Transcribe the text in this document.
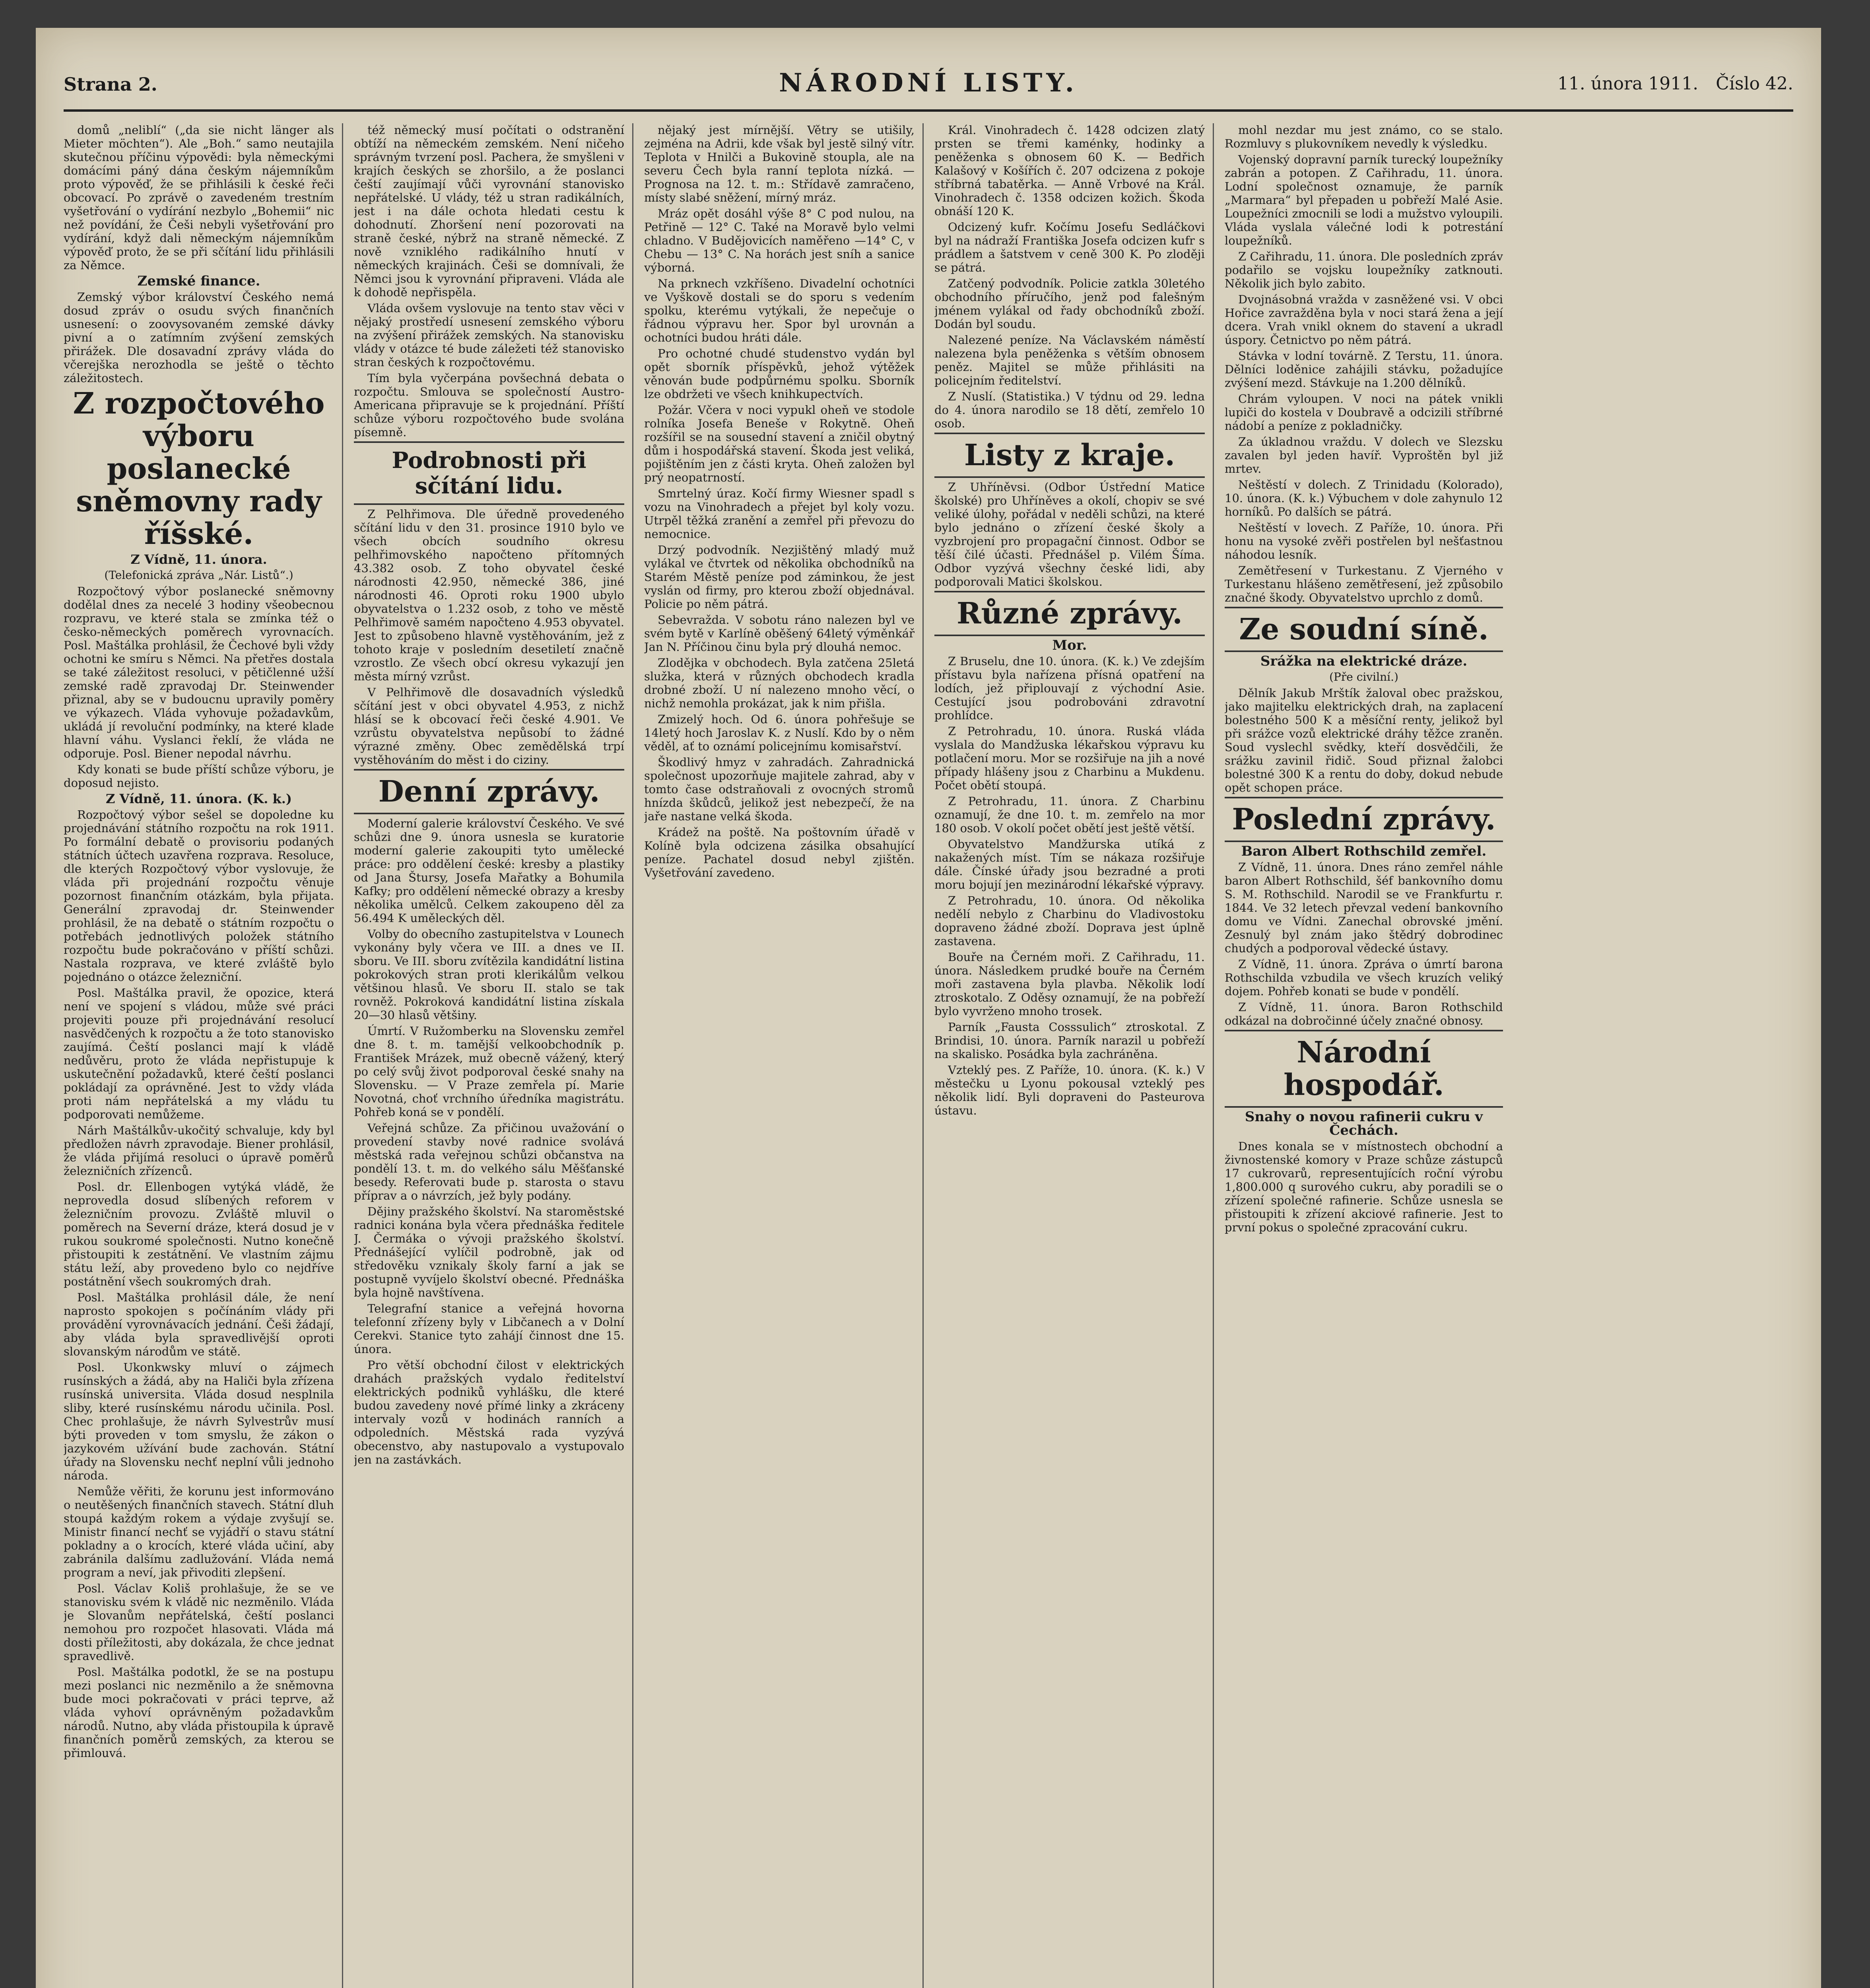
Strana 2.	NÁRODNÍ LISTY.	11. února 1911. Číslo 42.

domů „neliblí“ („da sie nicht länger als Mieter möchten“). Ale „Boh.“ samo neutajila skutečnou příčinu výpovědi: byla německými domácími páný dána českým nájemníkům proto výpověď, že se přihlásili k české řeči obcovací. Po zprávě o zavedeném trestním vyšetřování o vydírání nezbylo „Bohemii“ nic než povídání, že Češi nebyli vyšetřování pro vydírání, když dali německým nájemníkům výpověď proto, že se při sčítání lidu přihlásili za Němce.

Zemské finance.

Zemský výbor království Českého nemá dosud zpráv o osudu svých finančních usnesení: o zoovysovaném zemské dávky pivní a o zatímním zvýšení zemských přirážek. Dle dosavadní zprávy vláda do včerejška nerozhodla se ještě o těchto záležitostech.

Z rozpočtového výboru poslanecké sněmovny rady říšské.

Z Vídně, 11. února.

(Telefonická zpráva „Nár. Listů“.)

Rozpočtový výbor poslanecké sněmovny dodělal dnes za necelé 3 hodiny všeobecnou rozpravu, ve které stala se zmínka též o česko-německých poměrech vyrovnacích. Posl. Maštálka prohlásil, že Čechové byli vždy ochotni ke smíru s Němci. Na přetřes dostala se také záležitost resoluci, v pětičlenné užší zemské radě zpravodaj Dr. Steinwender přiznal, aby se v budoucnu upravily poměry ve výkazech. Vláda vyhovuje požadavkům, ukládá jí revoluční podmínky, na které klade hlavní váhu. Vyslanci řeklí, že vláda ne odporuje. Posl. Biener nepodal návrhu.

Kdy konati se bude příští schůze výboru, je doposud nejisto.

Z Vídně, 11. února. (K. k.)

Rozpočtový výbor sešel se dopoledne ku projednávání státního rozpočtu na rok 1911. Po formální debatě o provisoriu podaných státních účtech uzavřena rozprava. Resoluce, dle kterých Rozpočtový výbor vyslovuje, že vláda při projednání rozpočtu věnuje pozornost finančním otázkám, byla přijata. Generální zpravodaj dr. Steinwender prohlásil, že na debatě o státním rozpočtu o potřebách jednotlivých položek státního rozpočtu bude pokračováno v příští schůzi. Nastala rozprava, ve které zvláště bylo pojednáno o otázce železniční.

Posl. Maštálka pravil, že opozice, která není ve spojení s vládou, může své práci projeviti pouze při projednávání resolucí nasvědčených k rozpočtu a že toto stanovisko zaujímá. Čeští poslanci mají k vládě nedůvěru, proto že vláda nepřistupuje k uskutečnění požadavků, které čeští poslanci pokládají za oprávněné. Jest to vždy vláda proti nám nepřátelská a my vládu tu podporovati nemůžeme.

Nárh Maštálkův-ukočitý schvaluje, kdy byl předložen návrh zpravodaje. Biener prohlásil, že vláda přijímá resoluci o úpravě poměrů železničních zřízenců.

Posl. dr. Ellenbogen vytýká vládě, že neprovedla dosud slíbených reforem v železničním provozu. Zvláště mluvil o poměrech na Severní dráze, která dosud je v rukou soukromé společnosti. Nutno konečně přistoupiti k zestátnění. Ve vlastním zájmu státu leží, aby provedeno bylo co nejdříve postátnění všech soukromých drah.

Posl. Maštálka prohlásil dále, že není naprosto spokojen s počínáním vlády při provádění vyrovnávacích jednání. Češi žádají, aby vláda byla spravedlivější oproti slovanským národům ve státě.

Posl. Ukonkwsky mluví o zájmech rusínských a žádá, aby na Haliči byla zřízena rusínská universita. Vláda dosud nesplnila sliby, které rusínskému národu učinila. Posl. Chec prohlašuje, že návrh Sylvestrův musí býti proveden v tom smyslu, že zákon o jazykovém užívání bude zachován. Státní úřady na Slovensku nechť neplní vůli jednoho národa.

Nemůže věřiti, že korunu jest informováno o neutěšených finančních stavech. Státní dluh stoupá každým rokem a výdaje zvyšují se. Ministr financí nechť se vyjádří o stavu státní pokladny a o krocích, které vláda učiní, aby zabránila dalšímu zadlužování. Vláda nemá program a neví, jak přivoditi zlepšení.

Posl. Václav Koliš prohlašuje, že se ve stanovisku svém k vládě nic nezměnilo. Vláda je Slovanům nepřátelská, čeští poslanci nemohou pro rozpočet hlasovati. Vláda má dosti příležitosti, aby dokázala, že chce jednat spravedlivě.

Posl. Maštálka podotkl, že se na postupu mezi poslanci nic nezměnilo a že sněmovna bude moci pokračovati v práci teprve, až vláda vyhoví oprávněným požadavkům národů. Nutno, aby vláda přistoupila k úpravě finančních poměrů zemských, za kterou se přimlouvá.

též německý musí počítati o odstranění obtíží na německém zemském. Není ničeho správným tvrzení posl. Pachera, že smyšleni v krajích českých se zhoršilo, a že poslanci čeští zaujímají vůči vyrovnání stanovisko nepřátelské. U vlády, též u stran radikálních, jest i na dále ochota hledati cestu k dohodnutí. Zhoršení není pozorovati na straně české, nýbrž na straně německé. Z nově vzniklého radikálního hnutí v německých krajinách. Češi se domnívali, že Němci jsou k vyrovnání připraveni. Vláda ale k dohodě nepřispěla.

Vláda ovšem vyslovuje na tento stav věci v nějaký prostředí usnesení zemského výboru na zvýšení přirážek zemských. Na stanovisku vlády v otázce té bude záležeti též stanovisko stran českých k rozpočtovému.

Tím byla vyčerpána povšechná debata o rozpočtu. Smlouva se společností Austro-Americana připravuje se k projednání. Příští schůze výboru rozpočtového bude svolána písemně.

Podrobnosti při sčítání lidu.

Z Pelhřimova. Dle úředně provedeného sčítání lidu v den 31. prosince 1910 bylo ve všech obcích soudního okresu pelhřimovského napočteno přítomných 43.382 osob. Z toho obyvatel české národnosti 42.950, německé 386, jiné národnosti 46. Oproti roku 1900 ubylo obyvatelstva o 1.232 osob, z toho ve městě Pelhřimově samém napočteno 4.953 obyvatel. Jest to způsobeno hlavně vystěhováním, jež z tohoto kraje v posledním desetiletí značně vzrostlo. Ze všech obcí okresu vykazují jen města mírný vzrůst.

V Pelhřimově dle dosavadních výsledků sčítání jest v obci obyvatel 4.953, z nichž hlásí se k obcovací řeči české 4.901. Ve vzrůstu obyvatelstva nepůsobí to žádné výrazné změny. Obec zemědělská trpí vystěhováním do měst i do ciziny.

Denní zprávy.

Moderní galerie království Českého. Ve své schůzi dne 9. února usnesla se kuratorie moderní galerie zakoupiti tyto umělecké práce: pro oddělení české: kresby a plastiky od Jana Štursy, Josefa Mařatky a Bohumila Kafky; pro oddělení německé obrazy a kresby několika umělců. Celkem zakoupeno děl za 56.494 K uměleckých děl.

Volby do obecního zastupitelstva v Lounech vykonány byly včera ve III. a dnes ve II. sboru. Ve III. sboru zvítězila kandidátní listina pokrokových stran proti klerikálům velkou většinou hlasů. Ve sboru II. stalo se tak rovněž. Pokroková kandidátní listina získala 20—30 hlasů většiny.

Úmrtí. V Ružomberku na Slovensku zemřel dne 8. t. m. tamější velkoobchodník p. František Mrázek, muž obecně vážený, který po celý svůj život podporoval české snahy na Slovensku. — V Praze zemřela pí. Marie Novotná, choť vrchního úředníka magistrátu. Pohřeb koná se v pondělí.

Veřejná schůze. Za přičinou uvažování o provedení stavby nové radnice svolává městská rada veřejnou schůzi občanstva na pondělí 13. t. m. do velkého sálu Měšťanské besedy. Referovati bude p. starosta o stavu příprav a o návrzích, jež byly podány.

Dějiny pražského školství. Na staroměstské radnici konána byla včera přednáška ředitele J. Čermáka o vývoji pražského školství. Přednášející vylíčil podrobně, jak od středověku vznikaly školy farní a jak se postupně vyvíjelo školství obecné. Přednáška byla hojně navštívena.

Telegrafní stanice a veřejná hovorna telefonní zřízeny byly v Libčanech a v Dolní Cerekvi. Stanice tyto zahájí činnost dne 15. února.

Pro větší obchodní čilost v elektrických drahách pražských vydalo ředitelství elektrických podniků vyhlášku, dle které budou zavedeny nové přímé linky a zkráceny intervaly vozů v hodinách ranních a odpoledních. Městská rada vyzývá obecenstvo, aby nastupovalo a vystupovalo jen na zastávkách.

nějaký jest mírnější. Větry se utišily, zejména na Adrii, kde však byl jestě silný vítr. Teplota v Hnilči a Bukovině stoupla, ale na severu Čech byla ranní teplota nízká. — Prognosa na 12. t. m.: Střídavě zamračeno, místy slabé sněžení, mírný mráz.

Mráz opět dosáhl výše 8° C pod nulou, na Petřině — 12° C. Také na Moravě bylo velmi chladno. V Budějovicích naměřeno —14° C, v Chebu — 13° C. Na horách jest sníh a sanice výborná.

Na prknech vzkříšeno. Divadelní ochotníci ve Vyškově dostali se do sporu s vedením spolku, kterému vytýkali, že nepečuje o řádnou výpravu her. Spor byl urovnán a ochotníci budou hráti dále.

Pro ochotné chudé studenstvo vydán byl opět sborník příspěvků, jehož výtěžek věnován bude podpůrnému spolku. Sborník lze obdržeti ve všech knihkupectvích.

Požár. Včera v noci vypukl oheň ve stodole rolníka Josefa Beneše v Rokytně. Oheň rozšířil se na sousední stavení a zničil obytný dům i hospodářská stavení. Škoda jest veliká, pojištěním jen z části kryta. Oheň založen byl prý neopatrností.

Smrtelný úraz. Kočí firmy Wiesner spadl s vozu na Vinohradech a přejet byl koly vozu. Utrpěl těžká zranění a zemřel při převozu do nemocnice.

Drzý podvodník. Nezjištěný mladý muž vylákal ve čtvrtek od několika obchodníků na Starém Městě peníze pod záminkou, že jest vyslán od firmy, pro kterou zboží objednával. Policie po něm pátrá.

Sebevražda. V sobotu ráno nalezen byl ve svém bytě v Karlíně oběšený 64letý výměnkář Jan N. Příčinou činu byla prý dlouhá nemoc.

Zlodějka v obchodech. Byla zatčena 25letá služka, která v různých obchodech kradla drobné zboží. U ní nalezeno mnoho věcí, o nichž nemohla prokázat, jak k nim přišla.

Zmizelý hoch. Od 6. února pohřešuje se 14letý hoch Jaroslav K. z Nuslí. Kdo by o něm věděl, ať to oznámí policejnímu komisařství.

Škodlivý hmyz v zahradách. Zahradnická společnost upozorňuje majitele zahrad, aby v tomto čase odstraňovali z ovocných stromů hnízda škůdců, jelikož jest nebezpečí, že na jaře nastane velká škoda.

Krádež na poště. Na poštovním úřadě v Kolíně byla odcizena zásilka obsahující peníze. Pachatel dosud nebyl zjištěn. Vyšetřování zavedeno.

Král. Vinohradech č. 1428 odcizen zlatý prsten se třemi kaménky, hodinky a peněženka s obnosem 60 K. — Bedřich Kalašový v Košířích č. 207 odcizena z pokoje stříbrná tabatěrka. — Anně Vrbové na Král. Vinohradech č. 1358 odcizen kožich. Škoda obnáší 120 K.

Odcizený kufr. Kočímu Josefu Sedláčkovi byl na nádraží Františka Josefa odcizen kufr s prádlem a šatstvem v ceně 300 K. Po zloději se pátrá.

Zatčený podvodník. Policie zatkla 30letého obchodního příručího, jenž pod falešným jménem vylákal od řady obchodníků zboží. Dodán byl soudu.

Nalezené peníze. Na Václavském náměstí nalezena byla peněženka s větším obnosem peněz. Majitel se může přihlásiti na policejním ředitelství.

Z Nuslí. (Statistika.) V týdnu od 29. ledna do 4. února narodilo se 18 dětí, zemřelo 10 osob.

Listy z kraje.

Z Uhříněvsi. (Odbor Ústřední Matice školské) pro Uhříněves a okolí, chopiv se své veliké úlohy, pořádal v neděli schůzi, na které bylo jednáno o zřízení české školy a vyzbrojení pro propagační činnost. Odbor se těší čilé účasti. Přednášel p. Vilém Šíma. Odbor vyzývá všechny české lidi, aby podporovali Matici školskou.

Různé zprávy.

Mor.

Z Bruselu, dne 10. února. (K. k.) Ve zdejším přístavu byla nařízena přísná opatření na lodích, jež připlouvají z východní Asie. Cestující jsou podrobováni zdravotní prohlídce.

Z Petrohradu, 10. února. Ruská vláda vyslala do Mandžuska lékařskou výpravu ku potlačení moru. Mor se rozšiřuje na jih a nové případy hlášeny jsou z Charbinu a Mukdenu. Počet obětí stoupá.

Z Petrohradu, 11. února. Z Charbinu oznamují, že dne 10. t. m. zemřelo na mor 180 osob. V okolí počet obětí jest ještě větší.

Obyvatelstvo Mandžurska utíká z nakažených míst. Tím se nákaza rozšiřuje dále. Čínské úřady jsou bezradné a proti moru bojují jen mezinárodní lékařské výpravy.

Z Petrohradu, 10. února. Od několika nedělí nebylo z Charbinu do Vladivostoku dopraveno žádné zboží. Doprava jest úplně zastavena.

Bouře na Černém moři. Z Cařihradu, 11. února. Následkem prudké bouře na Černém moři zastavena byla plavba. Několik lodí ztroskotalo. Z Oděsy oznamují, že na pobřeží bylo vyvrženo mnoho trosek.

Parník „Fausta Cosssulich“ ztroskotal. Z Brindisi, 10. února. Parník narazil u pobřeží na skalisko. Posádka byla zachráněna.

Vzteklý pes. Z Paříže, 10. února. (K. k.) V městečku u Lyonu pokousal vzteklý pes několik lidí. Byli dopraveni do Pasteurova ústavu.

mohl nezdar mu jest známo, co se stalo. Rozmluvy s plukovníkem nevedly k výsledku.

Vojenský dopravní parník turecký loupežníky zabrán a potopen. Z Cařihradu, 11. února. Lodní společnost oznamuje, že parník „Marmara“ byl přepaden u pobřeží Malé Asie. Loupežníci zmocnili se lodi a mužstvo vyloupili. Vláda vyslala válečné lodi k potrestání loupežníků.

Z Cařihradu, 11. února. Dle posledních zpráv podařilo se vojsku loupežníky zatknouti. Několik jich bylo zabito.

Dvojnásobná vražda v zasněžené vsi. V obci Hořice zavražděna byla v noci stará žena a její dcera. Vrah vnikl oknem do stavení a ukradl úspory. Četnictvo po něm pátrá.

Stávka v lodní továrně. Z Terstu, 11. února. Dělníci loděnice zahájili stávku, požadujíce zvýšení mezd. Stávkuje na 1.200 dělníků.

Chrám vyloupen. V noci na pátek vnikli lupiči do kostela v Doubravě a odcizili stříbrné nádobí a peníze z pokladničky.

Za úkladnou vraždu. V dolech ve Slezsku zavalen byl jeden havíř. Vyproštěn byl již mrtev.

Neštěstí v dolech. Z Trinidadu (Kolorado), 10. února. (K. k.) Výbuchem v dole zahynulo 12 horníků. Po dalších se pátrá.

Neštěstí v lovech. Z Paříže, 10. února. Při honu na vysoké zvěři postřelen byl nešťastnou náhodou lesník.

Zemětřesení v Turkestanu. Z Vjerného v Turkestanu hlášeno zemětřesení, jež způsobilo značné škody. Obyvatelstvo uprchlo z domů.

Ze soudní síně.

Srážka na elektrické dráze.

(Pře civilní.)

Dělník Jakub Mrštík žaloval obec pražskou, jako majitelku elektrických drah, na zaplacení bolestného 500 K a měsíční renty, jelikož byl při srážce vozů elektrické dráhy těžce zraněn. Soud vyslechl svědky, kteří dosvědčili, že srážku zavinil řidič. Soud přiznal žalobci bolestné 300 K a rentu do doby, dokud nebude opět schopen práce.

Poslední zprávy.

Baron Albert Rothschild zemřel.

Z Vídně, 11. února. Dnes ráno zemřel náhle baron Albert Rothschild, šéf bankovního domu S. M. Rothschild. Narodil se ve Frankfurtu r. 1844. Ve 32 letech převzal vedení bankovního domu ve Vídni. Zanechal obrovské jmění. Zesnulý byl znám jako štědrý dobrodinec chudých a podporoval vědecké ústavy.

Z Vídně, 11. února. Zpráva o úmrtí barona Rothschilda vzbudila ve všech kruzích veliký dojem. Pohřeb konati se bude v pondělí.

Z Vídně, 11. února. Baron Rothschild odkázal na dobročinné účely značné obnosy.

Národní hospodář.

Snahy o novou rafinerii cukru v Čechách.

Dnes konala se v místnostech obchodní a živnostenské komory v Praze schůze zástupců 17 cukrovarů, representujících roční výrobu 1,800.000 q surového cukru, aby poradili se o zřízení společné rafinerie. Schůze usnesla se přistoupiti k zřízení akciové rafinerie. Jest to první pokus o společné zpracování cukru.
